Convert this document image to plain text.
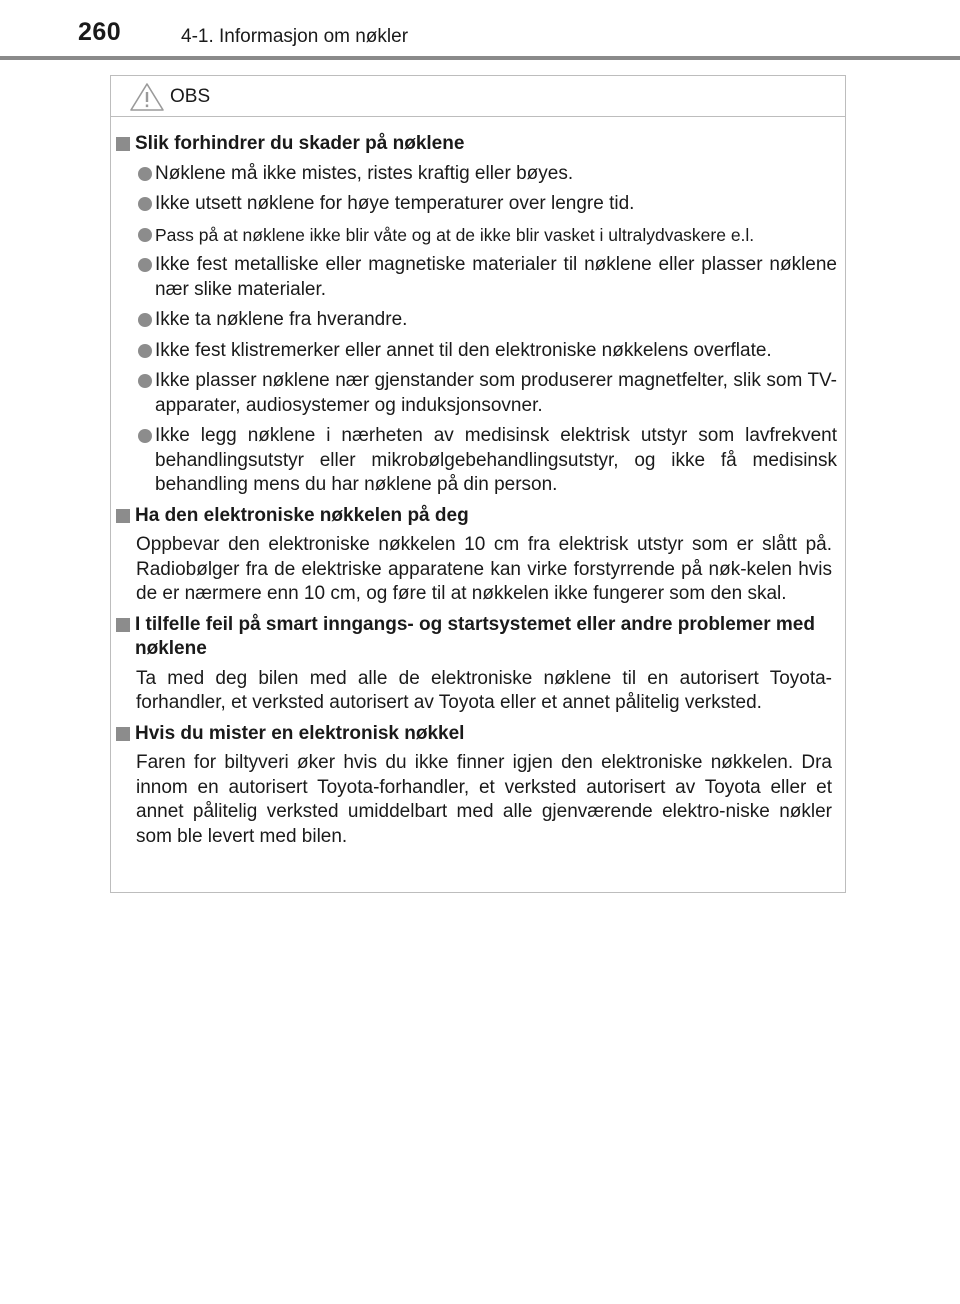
260	4-1. Informasjon om nøkler
OBS
Slik forhindrer du skader på nøklene
Nøklene må ikke mistes, ristes kraftig eller bøyes.
Ikke utsett nøklene for høye temperaturer over lengre tid.
Pass på at nøklene ikke blir våte og at de ikke blir vasket i ultralydvaskere e.l.
Ikke fest metalliske eller magnetiske materialer til nøklene eller plasser nøklene nær slike materialer.
Ikke ta nøklene fra hverandre.
Ikke fest klistremerker eller annet til den elektroniske nøkkelens overflate.
Ikke plasser nøklene nær gjenstander som produserer magnetfelter, slik som TV-apparater, audiosystemer og induksjonsovner.
Ikke legg nøklene i nærheten av medisinsk elektrisk utstyr som lavfrekvent behandlingsutstyr eller mikrobølgebehandlingsutstyr, og ikke få medisinsk behandling mens du har nøklene på din person.
Ha den elektroniske nøkkelen på deg
Oppbevar den elektroniske nøkkelen 10 cm fra elektrisk utstyr som er slått på. Radiobølger fra de elektriske apparatene kan virke forstyrrende på nøk-kelen hvis de er nærmere enn 10 cm, og føre til at nøkkelen ikke fungerer som den skal.
I tilfelle feil på smart inngangs- og startsystemet eller andre problemer med nøklene
Ta med deg bilen med alle de elektroniske nøklene til en autorisert Toyota-forhandler, et verksted autorisert av Toyota eller et annet pålitelig verksted.
Hvis du mister en elektronisk nøkkel
Faren for biltyveri øker hvis du ikke finner igjen den elektroniske nøkkelen. Dra innom en autorisert Toyota-forhandler, et verksted autorisert av Toyota eller et annet pålitelig verksted umiddelbart med alle gjenværende elektro-niske nøkler som ble levert med bilen.
